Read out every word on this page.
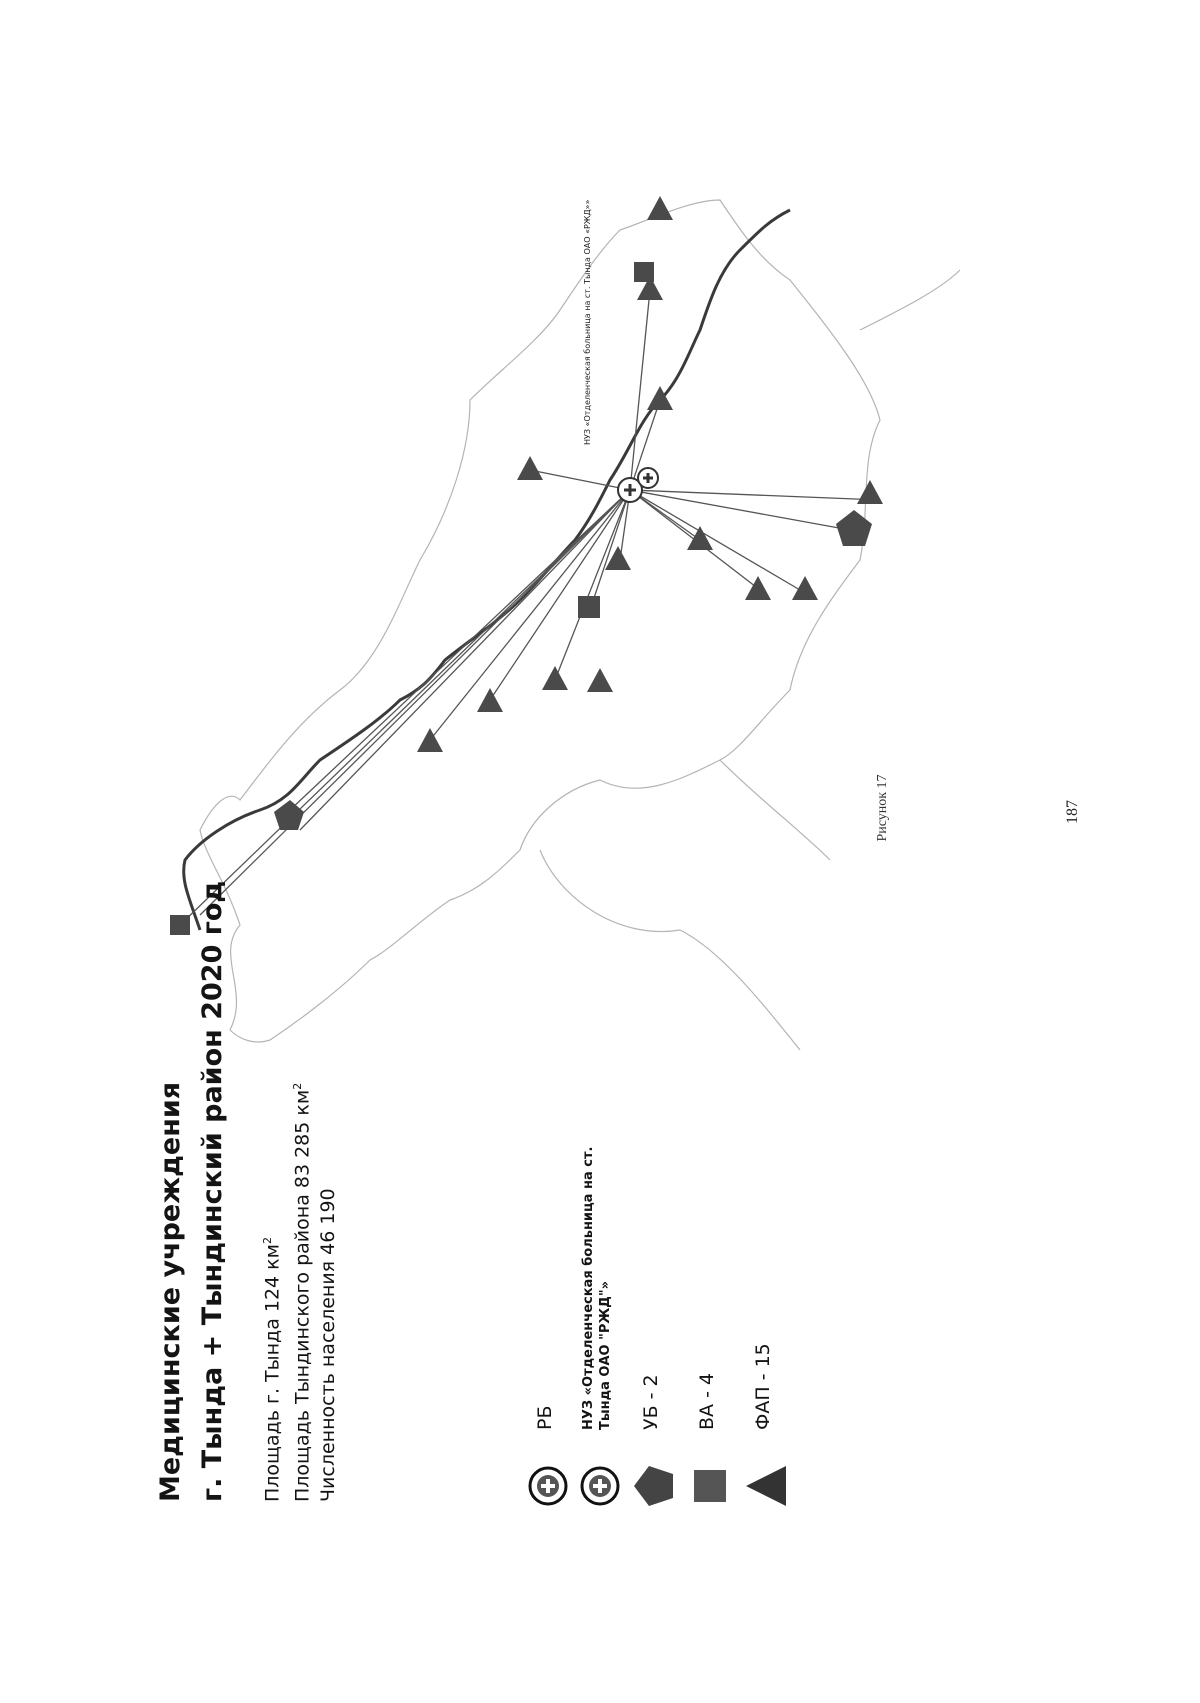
187
НУЗ «Отделенческая больница на ст. Тында ОАО «РЖД»»
Рисунок 17
Медицинские учреждения г. Тында + Тындинский район 2020 год	Площадь г. Тында 124 $км^2$ Площадь Тындинского района 83 285 $км^2$
Численность населения 46 190	РБ НУЗ «Отделенческая больница на ст. Тында ОАО "РЖД"» УБ - 2 ВА - 4 ФАП - 15
